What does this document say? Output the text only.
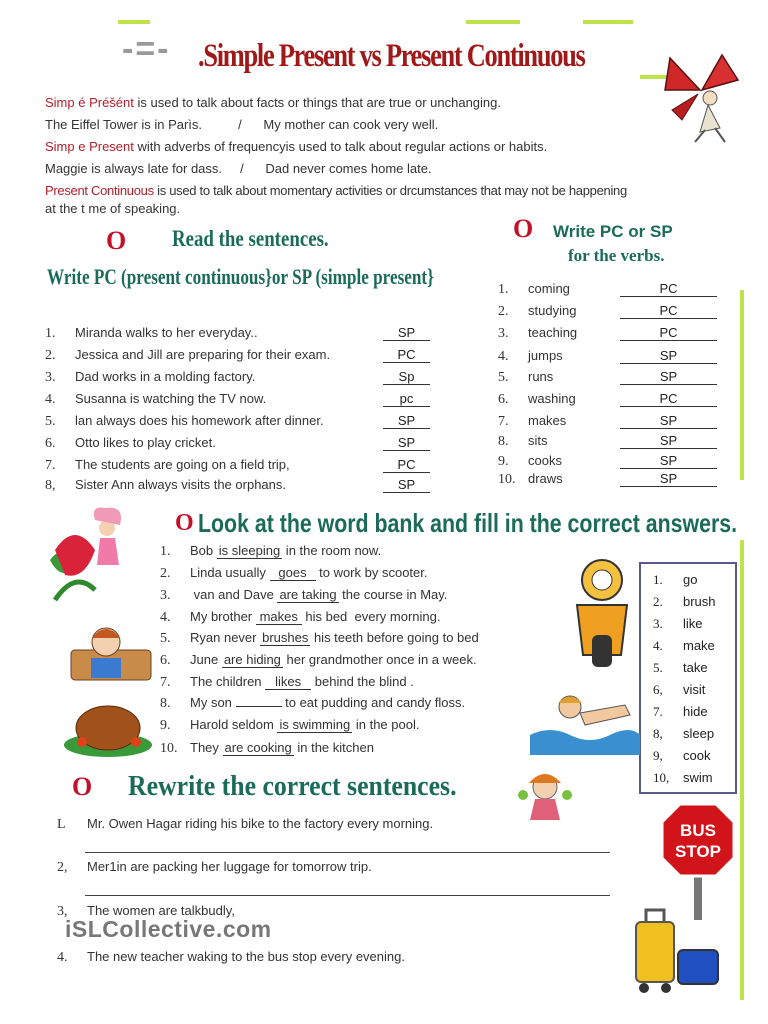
-=- .Simple Present vs Present Continuous
Simp é Préšént is used to talk about facts or things that are true or unchanging.
The Eiffel Tower is in Parìs.          /      My mother can cook very well.
Simp e Present with adverbs of frequencyis used to talk about regular actions or habits.
Maggie is always late for dass.     /      Dad never comes home late.
Present Continuous is used to talk about momentary activities or drcumstances that may not be happening
at the t me of speaking.
O Read the sentences.
Write PC (present continuous}or SP (simple present}
O Write PC or SP
for the verbs.
O Look at the word bank and fill in the correct answers.
1. go
2. brush
3. like
4. make
5. take
6, visit
7. hide
8, sleep
9, cook
10, swim
O Rewrite the correct sentences.
BUS
STOP
iSLCollective.com
1. Miranda walks to her everyday..	SP
2. Jessica and Jill are preparing for their exam.	PC
3. Dad works in a molding factory.	Sp
4. Susanna is watching the TV now.	pc
5. lan always does his homework after dinner.	SP
6. Otto likes to play cricket.	SP
7. The students are going on a field trip,	PC
8, Sister Ann always visits the orphans.	SP
1. coming	PC
2. studying	PC
3. teaching	PC
4. jumps	SP
5. runs	SP
6. washing	PC
7. makes	SP
8. sits	SP
9. cooks	SP
10. draws	SP
1. Bob is sleeping in the room now.
2. Linda usually goes to work by scooter.
3. van and Dave are taking the course in May.
4. My brother makes his bed  every morning.
5. Ryan never brushes his teeth before going to bed
6. June are hiding her grandmother once in a week.
7. The children likes behind the blind .
8. My son	to eat pudding and candy floss.
9. Harold seldom is swimming in the pool.
10. They are cooking in the kitchen
L Mr. Owen Hagar riding his bike to the factory every morning.
2, Mer1in are packing her luggage for tomorrow trip.
3, The women are talkbudly,
4. The new teacher waking to the bus stop every evening.
